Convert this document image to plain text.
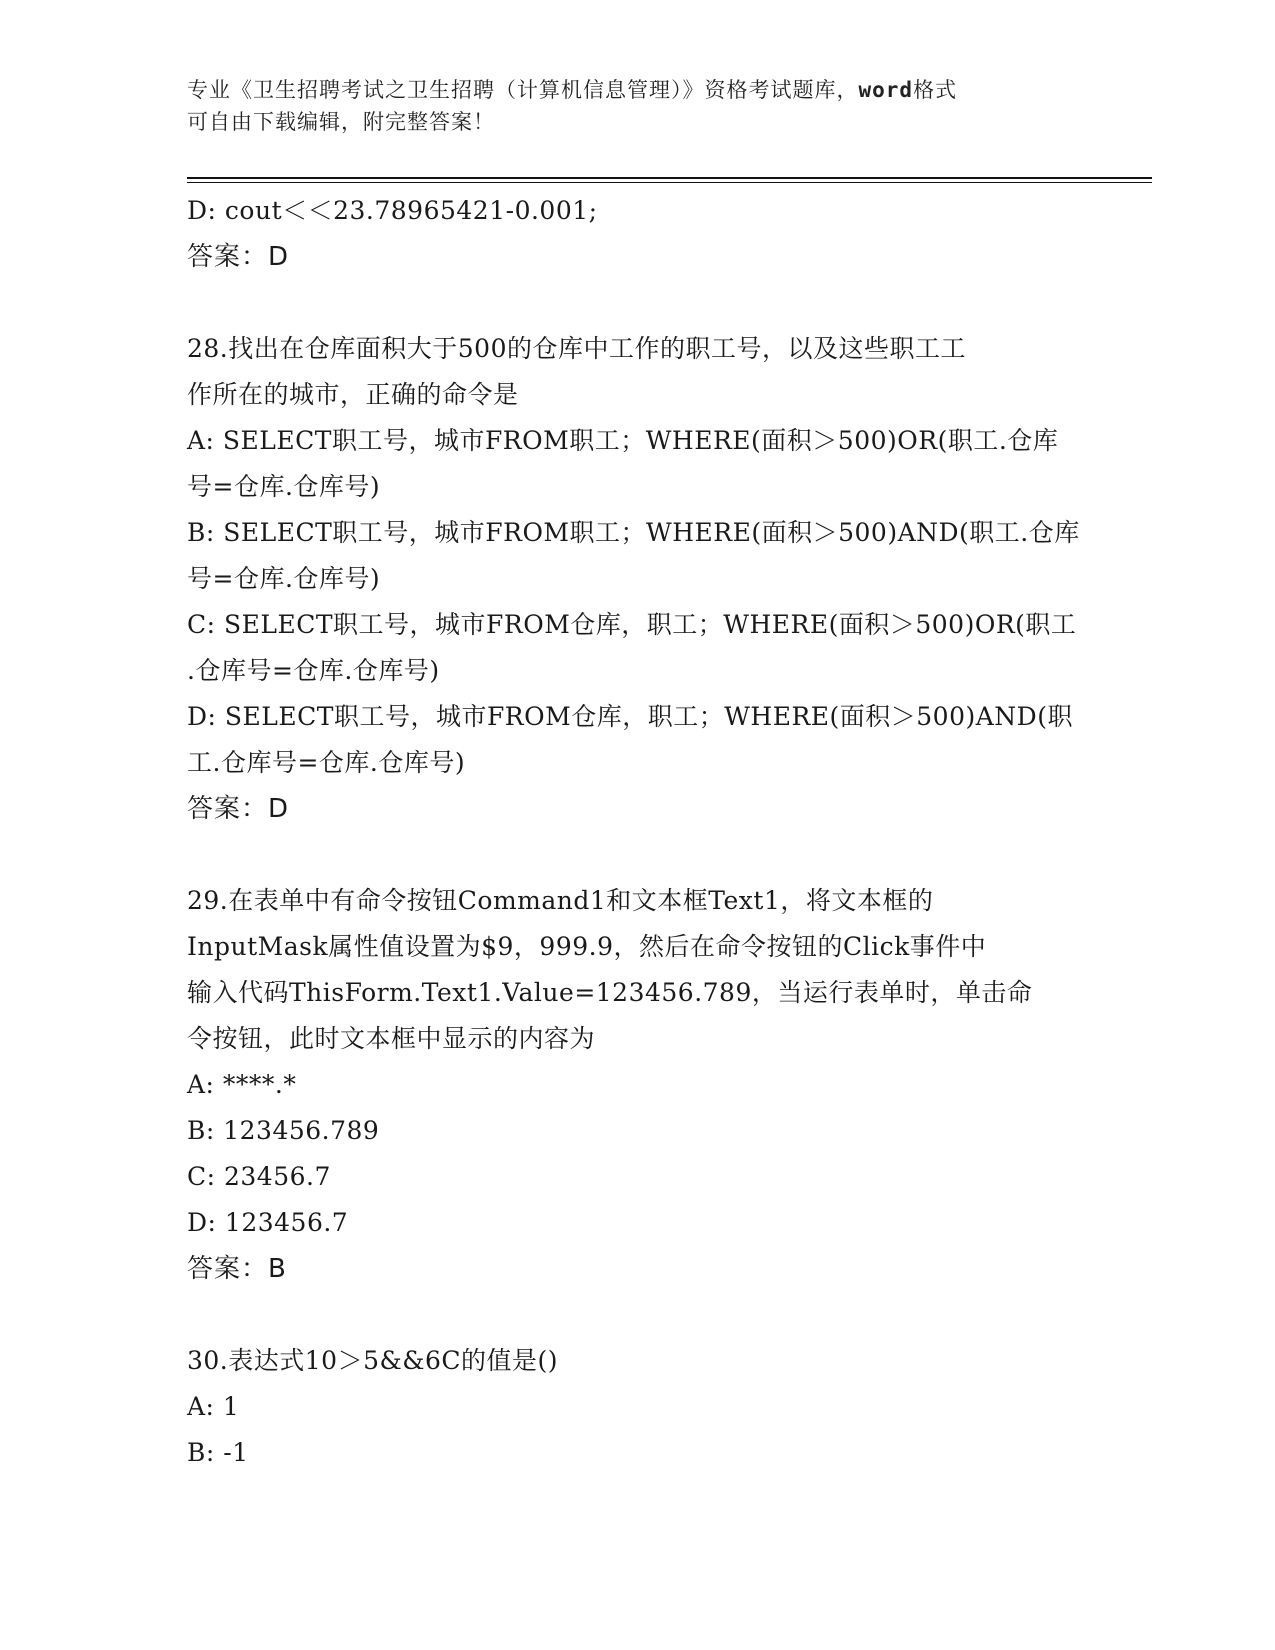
专业《卫生招聘考试之卫生招聘（计算机信息管理）》资格考试题库，word格式
可自由下载编辑，附完整答案！
D: cout＜＜23.78965421-0.001;
答案：D
28.找出在仓库面积大于500的仓库中工作的职工号，以及这些职工工
作所在的城市，正确的命令是
A: SELECT职工号，城市FROM职工；WHERE(面积＞500)OR(职工.仓库
号=仓库.仓库号)
B: SELECT职工号，城市FROM职工；WHERE(面积＞500)AND(职工.仓库
号=仓库.仓库号)
C: SELECT职工号，城市FROM仓库，职工；WHERE(面积＞500)OR(职工
.仓库号=仓库.仓库号)
D: SELECT职工号，城市FROM仓库，职工；WHERE(面积＞500)AND(职
工.仓库号=仓库.仓库号)
答案：D
29.在表单中有命令按钮Command1和文本框Text1，将文本框的
InputMask属性值设置为$9，999.9，然后在命令按钮的Click事件中
输入代码ThisForm.Text1.Value=123456.789，当运行表单时，单击命
令按钮，此时文本框中显示的内容为
A: ****.*
B: 123456.789
C: 23456.7
D: 123456.7
答案：B
30.表达式10＞5&&6C的值是()
A: 1
B: -1
